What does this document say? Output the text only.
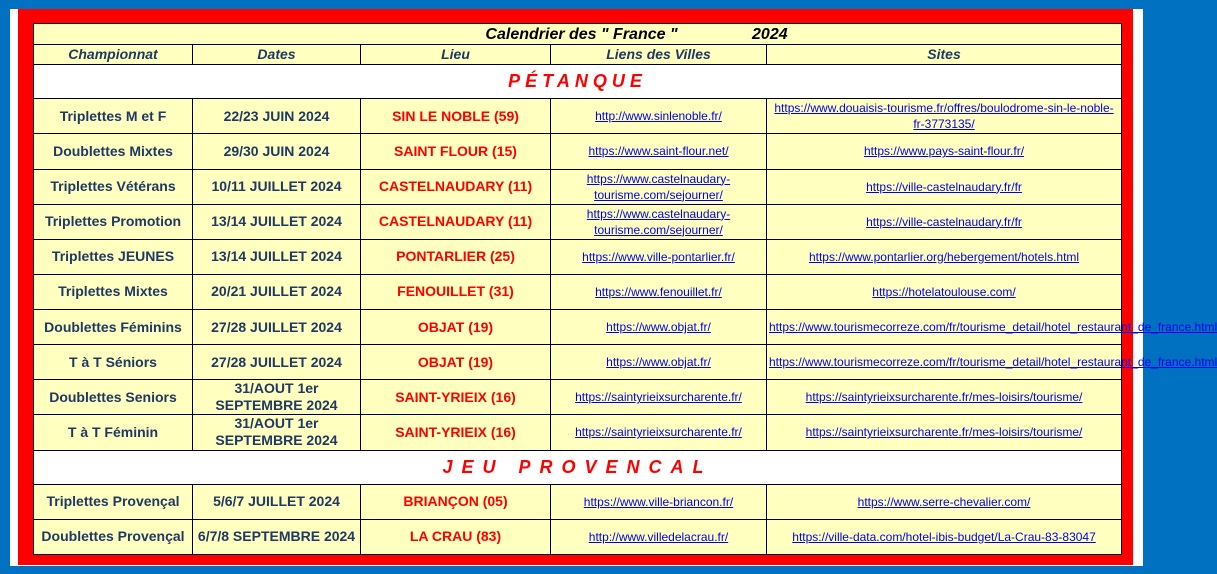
Calendrier des " France " 2024				
Championnat	Dates	Lieu	Liens des Villes	Sites
PÉTANQUE				
Triplettes M et F	22/23 JUIN 2024	SIN LE NOBLE (59)	http://www.sinlenoble.fr/	https://www.douaisis-tourisme.fr/offres/boulodrome-sin-le-noble-fr-3773135/
Doublettes Mixtes	29/30 JUIN 2024	SAINT FLOUR (15)	https://www.saint-flour.net/	https://www.pays-saint-flour.fr/
Triplettes Vétérans	10/11 JUILLET 2024	CASTELNAUDARY (11)	https://www.castelnaudary-tourisme.com/sejourner/	https://ville-castelnaudary.fr/fr
Triplettes Promotion	13/14 JUILLET 2024	CASTELNAUDARY (11)	https://www.castelnaudary-tourisme.com/sejourner/	https://ville-castelnaudary.fr/fr
Triplettes JEUNES	13/14 JUILLET 2024	PONTARLIER (25)	https://www.ville-pontarlier.fr/	https://www.pontarlier.org/hebergement/hotels.html
Triplettes Mixtes	20/21 JUILLET 2024	FENOUILLET (31)	https://www.fenouillet.fr/	https://hotelatoulouse.com/
Doublettes Féminins	27/28 JUILLET 2024	OBJAT (19)	https://www.objat.fr/	https://www.tourismecorreze.com/fr/tourisme_detail/hotel_restaurant_de_france.html
T à T Séniors	27/28 JUILLET 2024	OBJAT (19)	https://www.objat.fr/	https://www.tourismecorreze.com/fr/tourisme_detail/hotel_restaurant_de_france.html
Doublettes Seniors	31/AOUT 1er SEPTEMBRE 2024	SAINT-YRIEIX (16)	https://saintyrieixsurcharente.fr/	https://saintyrieixsurcharente.fr/mes-loisirs/tourisme/
T à T Féminin	31/AOUT 1er SEPTEMBRE 2024	SAINT-YRIEIX (16)	https://saintyrieixsurcharente.fr/	https://saintyrieixsurcharente.fr/mes-loisirs/tourisme/
JEU PROVENCAL				
Triplettes Provençal	5/6/7 JUILLET 2024	BRIANÇON (05)	https://www.ville-briancon.fr/	https://www.serre-chevalier.com/
Doublettes Provençal	6/7/8 SEPTEMBRE 2024	LA CRAU (83)	http://www.villedelacrau.fr/	https://ville-data.com/hotel-ibis-budget/La-Crau-83-83047
